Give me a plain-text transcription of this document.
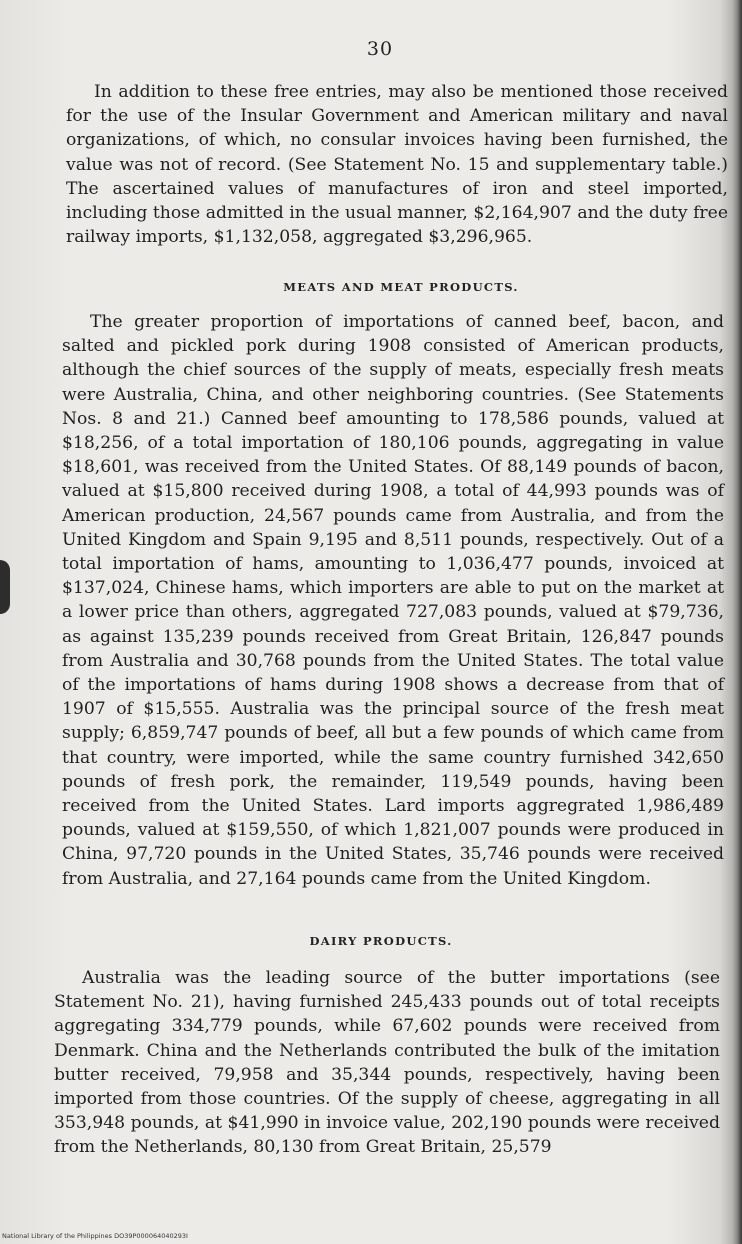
30

In addition to these free entries, may also be mentioned those received for the use of the Insular Government and American military and naval organizations, of which, no consular invoices having been furnished, the value was not of record. (See Statement No. 15 and supplementary table.) The ascertained values of manufactures of iron and steel imported, including those admitted in the usual manner, $2,164,907 and the duty free railway imports, $1,132,058, aggregated $3,296,965.

MEATS AND MEAT PRODUCTS.

The greater proportion of importations of canned beef, bacon, and salted and pickled pork during 1908 consisted of American products, although the chief sources of the supply of meats, especially fresh meats were Australia, China, and other neighboring countries. (See Statements Nos. 8 and 21.) Canned beef amounting to 178,586 pounds, valued at $18,256, of a total importation of 180,106 pounds, aggregating in value $18,601, was received from the United States. Of 88,149 pounds of bacon, valued at $15,800 received during 1908, a total of 44,993 pounds was of American production, 24,567 pounds came from Australia, and from the United Kingdom and Spain 9,195 and 8,511 pounds, respectively. Out of a total importation of hams, amounting to 1,036,477 pounds, invoiced at $137,024, Chinese hams, which importers are able to put on the market at a lower price than others, aggregated 727,083 pounds, valued at $79,736, as against 135,239 pounds received from Great Britain, 126,847 pounds from Australia and 30,768 pounds from the United States. The total value of the importations of hams during 1908 shows a decrease from that of 1907 of $15,555. Australia was the principal source of the fresh meat supply; 6,859,747 pounds of beef, all but a few pounds of which came from that country, were imported, while the same country furnished 342,650 pounds of fresh pork, the remainder, 119,549 pounds, having been received from the United States. Lard imports aggregrated 1,986,489 pounds, valued at $159,550, of which 1,821,007 pounds were produced in China, 97,720 pounds in the United States, 35,746 pounds were received from Australia, and 27,164 pounds came from the United Kingdom.

DAIRY PRODUCTS.

Australia was the leading source of the butter importations (see Statement No. 21), having furnished 245,433 pounds out of total receipts aggregating 334,779 pounds, while 67,602 pounds were received from Denmark. China and the Netherlands contributed the bulk of the imitation butter received, 79,958 and 35,344 pounds, respectively, having been imported from those countries. Of the supply of cheese, aggregating in all 353,948 pounds, at $41,990 in invoice value, 202,190 pounds were received from the Netherlands, 80,130 from Great Britain, 25,579

National Library of the Philippines DO39P000064040293I
